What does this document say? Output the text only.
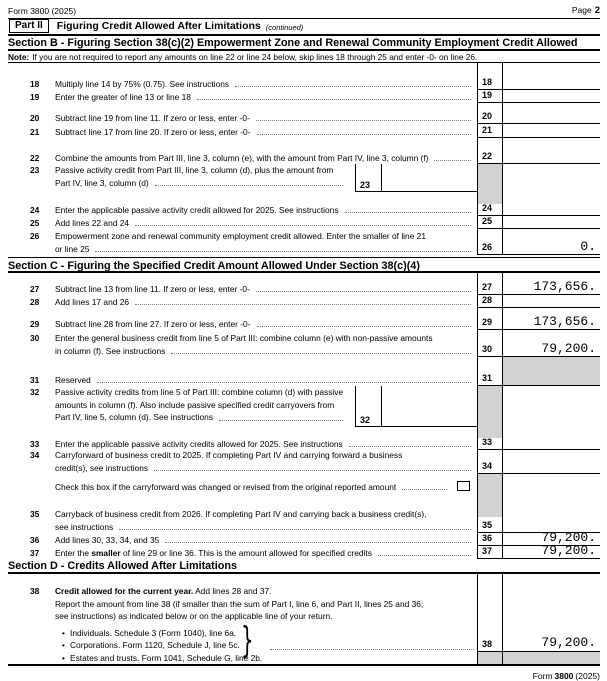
Form 3800 (2025)	Page 2
Part II	Figuring Credit Allowed After Limitations (continued)
Section B - Figuring Section 38(c)(2) Empowerment Zone and Renewal Community Employment Credit Allowed
Note: If you are not required to report any amounts on line 22 or line 24 below, skip lines 18 through 25 and enter -0- on line 26.
18	Multiply line 14 by 75% (0.75). See instructions	18
19	Enter the greater of line 13 or line 18	19
20	Subtract line 19 from line 11. If zero or less, enter -0-	20
21	Subtract line 17 from line 20. If zero or less, enter -0-	21
22	Combine the amounts from Part III, line 3, column (e), with the amount from Part IV, line 3, column (f)	22
23	Passive activity credit from Part III, line 3, column (d), plus the amount from
Part IV, line 3, column (d)	23
24	Enter the applicable passive activity credit allowed for 2025. See instructions	24
25	Add lines 22 and 24	25
26	Empowerment zone and renewal community employment credit allowed. Enter the smaller of line 21
or line 25	26	0.
Section C - Figuring the Specified Credit Amount Allowed Under Section 38(c)(4)
27	Subtract line 13 from line 11. If zero or less, enter -0-	27	173,656.
28	Add lines 17 and 26	28
29	Subtract line 28 from line 27. If zero or less, enter -0-	29	173,656.
30	Enter the general business credit from line 5 of Part III: combine column (e) with non-passive amounts
in column (f). See instructions	30	79,200.
31	Reserved	31
32	Passive activity credits from line 5 of Part III: combine column (d) with passive
amounts in column (f). Also include passive specified credit carryovers from
Part IV, line 5, column (d). See instructions	32
33	Enter the applicable passive activity credits allowed for 2025. See instructions	33
34	Carryforward of business credit to 2025. If completing Part IV and carrying forward a business
credit(s), see instructions	34
Check this box if the carryforward was changed or revised from the original reported amount
35	Carryback of business credit from 2026. If completing Part IV and carrying back a business credit(s),
see instructions	35
36	Add lines 30, 33, 34, and 35	36	79,200.
37	Enter the smaller of line 29 or line 36. This is the amount allowed for specified credits	37	79,200.
Section D - Credits Allowed After Limitations
38	Credit allowed for the current year. Add lines 28 and 37.
Report the amount from line 38 (if smaller than the sum of Part I, line 6, and Part II, lines 25 and 36;
see instructions) as indicated below or on the applicable line of your return.
•
Individuals. Schedule 3 (Form 1040), line 6a.
•
Corporations. Form 1120, Schedule J, line 5c.
•
Estates and trusts. Form 1041, Schedule G, line 2b.
}	38	79,200.
Form 3800 (2025)
